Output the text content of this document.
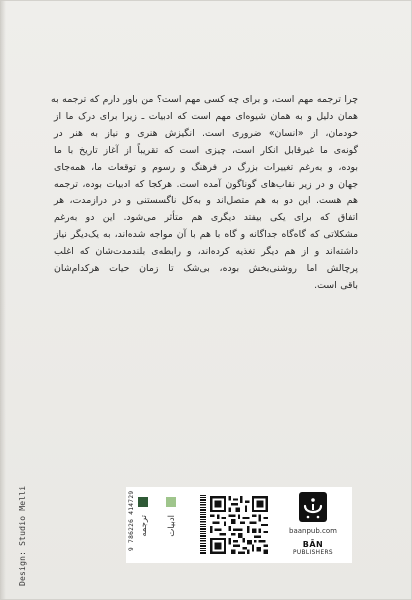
چرا ترجمه مهم است، و برای چه کسی مهم است؟ من باور دارم که ترجمه به
همان دلیل و به همان شیوه‌ای مهم است که ادبیات ـ زیرا برای درک ما از
خودمان، از «انسان» ضروری است. انگیزش هنری و نیاز به هنر در
گونه‌ی ما غیرقابل انکار است، چیزی است که تقریباً از آغاز تاریخ با ما
بوده، و به‌رغم تغییرات بزرگ در فرهنگ و رسوم و توقعات ما، همه‌جای
جهان و در زیر نقاب‌های گوناگون آمده است. هرکجا که ادبیات بوده، ترجمه
هم هست. این دو به هم متصل‌اند و به‌کل ناگسستنی و در درازمدت، هر
اتفاق که برای یکی بیفتد دیگری هم متأثر می‌شود. این دو به‌رغم
مشکلاتی که گاه‌گاه جداگانه و گاه با هم با آن مواجه شده‌اند، به یک‌دیگر نیاز
داشته‌اند و از هم دیگر تغذیه کرده‌اند، و رابطه‌ی بلندمدت‌شان که اغلب
پرچالش اما روشنی‌بخش بوده، بی‌شک تا زمان حیات هرکدام‌شان
باقی است.
Design: Studio Melli	ترجمه ادبیات
9 786226 414729	baanpub.com
BĀN
PUBLISHERS
